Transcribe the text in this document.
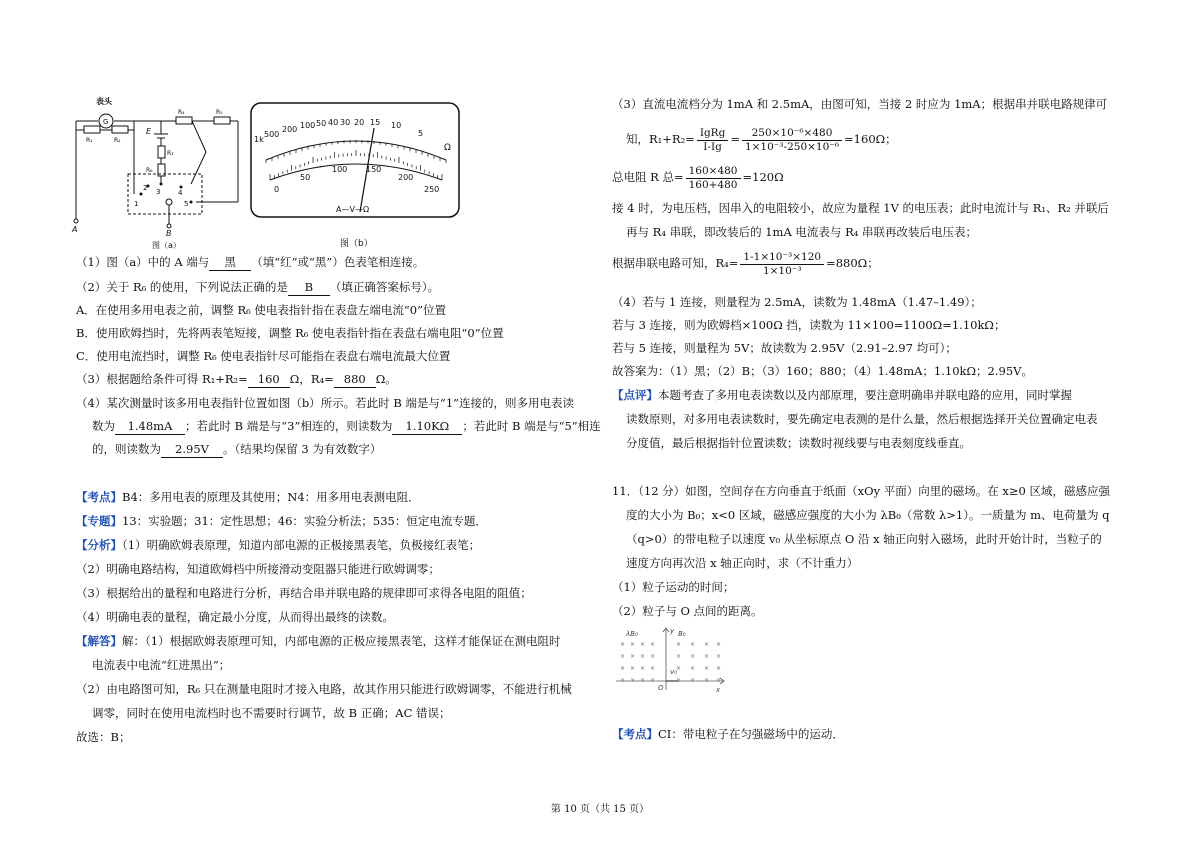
表头
G
R₁	R₂
R₄	R₅
E
R₃
R₆
1
2 3	4
5
A	B
图（a）
1k
500
200 100 50 40 30 20 15 10
5
Ω
0
50
100 150
200
250
A—V—Ω
图（b）
（1）图（a）中的 A 端与 黑 （填“红”或“黑”）色表笔相连接。
（2）关于 R₆ 的使用，下列说法正确的是 B （填正确答案标号）。
A．在使用多用电表之前，调整 R₆ 使电表指针指在表盘左端电流“0”位置
B．使用欧姆挡时，先将两表笔短接，调整 R₆ 使电表指针指在表盘右端电阻“0”位置
C．使用电流挡时，调整 R₆ 使电表指针尽可能指在表盘右端电流最大位置
（3）根据题给条件可得 R₁+R₂= 160 Ω，R₄= 880 Ω。
（4）某次测量时该多用电表指针位置如图（b）所示。若此时 B 端是与“1”连接的，则多用电表读
数为 1.48mA ；若此时 B 端是与“3”相连的，则读数为 1.10KΩ ；若此时 B 端是与“5”相连
的，则读数为 2.95V 。（结果均保留 3 为有效数字）
【考点】B4：多用电表的原理及其使用；N4：用多用电表测电阻．
【专题】13：实验题；31：定性思想；46：实验分析法；535：恒定电流专题．
【分析】（1）明确欧姆表原理，知道内部电源的正极接黑表笔，负极接红表笔；
（2）明确电路结构，知道欧姆档中所接滑动变阻器只能进行欧姆调零；
（3）根据给出的量程和电路进行分析，再结合串并联电路的规律即可求得各电阻的阻值；
（4）明确电表的量程，确定最小分度，从而得出最终的读数。
【解答】解：（1）根据欧姆表原理可知，内部电源的正极应接黑表笔，这样才能保证在测电阻时
电流表中电流“红进黑出”；
（2）由电路图可知，R₆ 只在测量电阻时才接入电路，故其作用只能进行欧姆调零，不能进行机械
调零，同时在使用电流档时也不需要时行调节，故 B 正确；AC 错误；
故选：B；
（3）直流电流档分为 1mA 和 2.5mA，由图可知，当接 2 时应为 1mA；根据串并联电路规律可
知，$R_1+R_2= \frac{\text{IgRg}}{I-Ig} = \frac{\text{250×10⁻⁶×480}}{\text{1×10⁻³-250×10⁻⁶}} =160\Omega$；
总电阻 R 总= $\frac{160\times 480}{160+480} =120\Omega$
接 4 时，为电压档，因串入的电阻较小，故应为量程 1V 的电压表；此时电流计与 R₁、R₂ 并联后
再与 R₄ 串联，即改装后的 1mA 电流表与 R₄ 串联再改装后电压表；
根据串联电路可知，$R_4= \frac{\text{1-1×10⁻³×120}}{\text{1×10⁻³}} =880\Omega$；
（4）若与 1 连接，则量程为 2.5mA，读数为 1.48mA（1.47–1.49）；
若与 3 连接，则为欧姆档×100Ω 挡，读数为 11×100=1100Ω=1.10kΩ；
若与 5 连接，则量程为 5V；故读数为 2.95V（2.91–2.97 均可）；
故答案为：（1）黑；（2）B；（3）160；880；（4）1.48mA；1.10kΩ；2.95V。
【点评】本题考查了多用电表读数以及内部原理，要注意明确串并联电路的应用，同时掌握
读数原则，对多用电表读数时，要先确定电表测的是什么量，然后根据选择开关位置确定电表
分度值，最后根据指针位置读数；读数时视线要与电表刻度线垂直。
11．（12 分）如图，空间存在方向垂直于纸面（xOy 平面）向里的磁场。在 x≥0 区域，磁感应强
度的大小为 B₀；x<0 区域，磁感应强度的大小为 λB₀（常数 λ>1）。一质量为 m、电荷量为 q
（q>0）的带电粒子以速度 v₀ 从坐标原点 O 沿 x 轴正向射入磁场，此时开始计时，当粒子的
速度方向再次沿 x 轴正向时，求（不计重力）
（1）粒子运动的时间；
（2）粒子与 O 点间的距离。
× × × ×	× × × ×
× × × ×	× × × ×
× × × ×	× × × ×
× × × ×	× × × ×
λB₀	B₀
y
x
O
v₀
【考点】CI：带电粒子在匀强磁场中的运动．
第 10 页（共 15 页）
